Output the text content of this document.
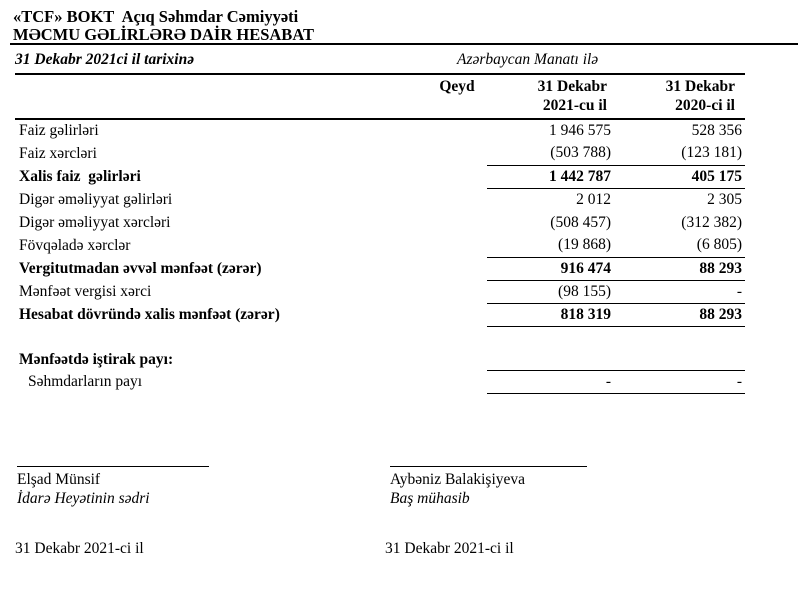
«TCF» BOKT  Açıq Səhmdar Cəmiyyəti
MƏCMU GƏLİRLƏRƏ DAİR HESABAT
31 Dekabr 2021ci il tarixinə	Azərbaycan Manatı ilə
	Qeyd	31 Dekabr
2021-cu il

31 Dekabr
2020-ci il

Faiz gəlirləri		1 946 575	528 356
Faiz xərcləri		(503 788)	(123 181)
Xalis faiz  gəlirləri		1 442 787	405 175
Digər əməliyyat gəlirləri		2 012	2 305
Digər əməliyyat xərcləri		(508 457)	(312 382)
Fövqəladə xərclər		(19 868)	(6 805)
Vergitutmadan əvvəl mənfəət (zərər)		916 474	88 293
Mənfəət vergisi xərci		(98 155)	-
Hesabat dövründə xalis mənfəət (zərər)		818 319	88 293

Mənfəətdə iştirak payı:			
Səhmdarların payı		-	-
Elşad Münsif
İdarə Heyətinin sədri
Aybəniz Balakişiyeva
Baş mühasib
31 Dekabr 2021-ci il	31 Dekabr 2021-ci il
